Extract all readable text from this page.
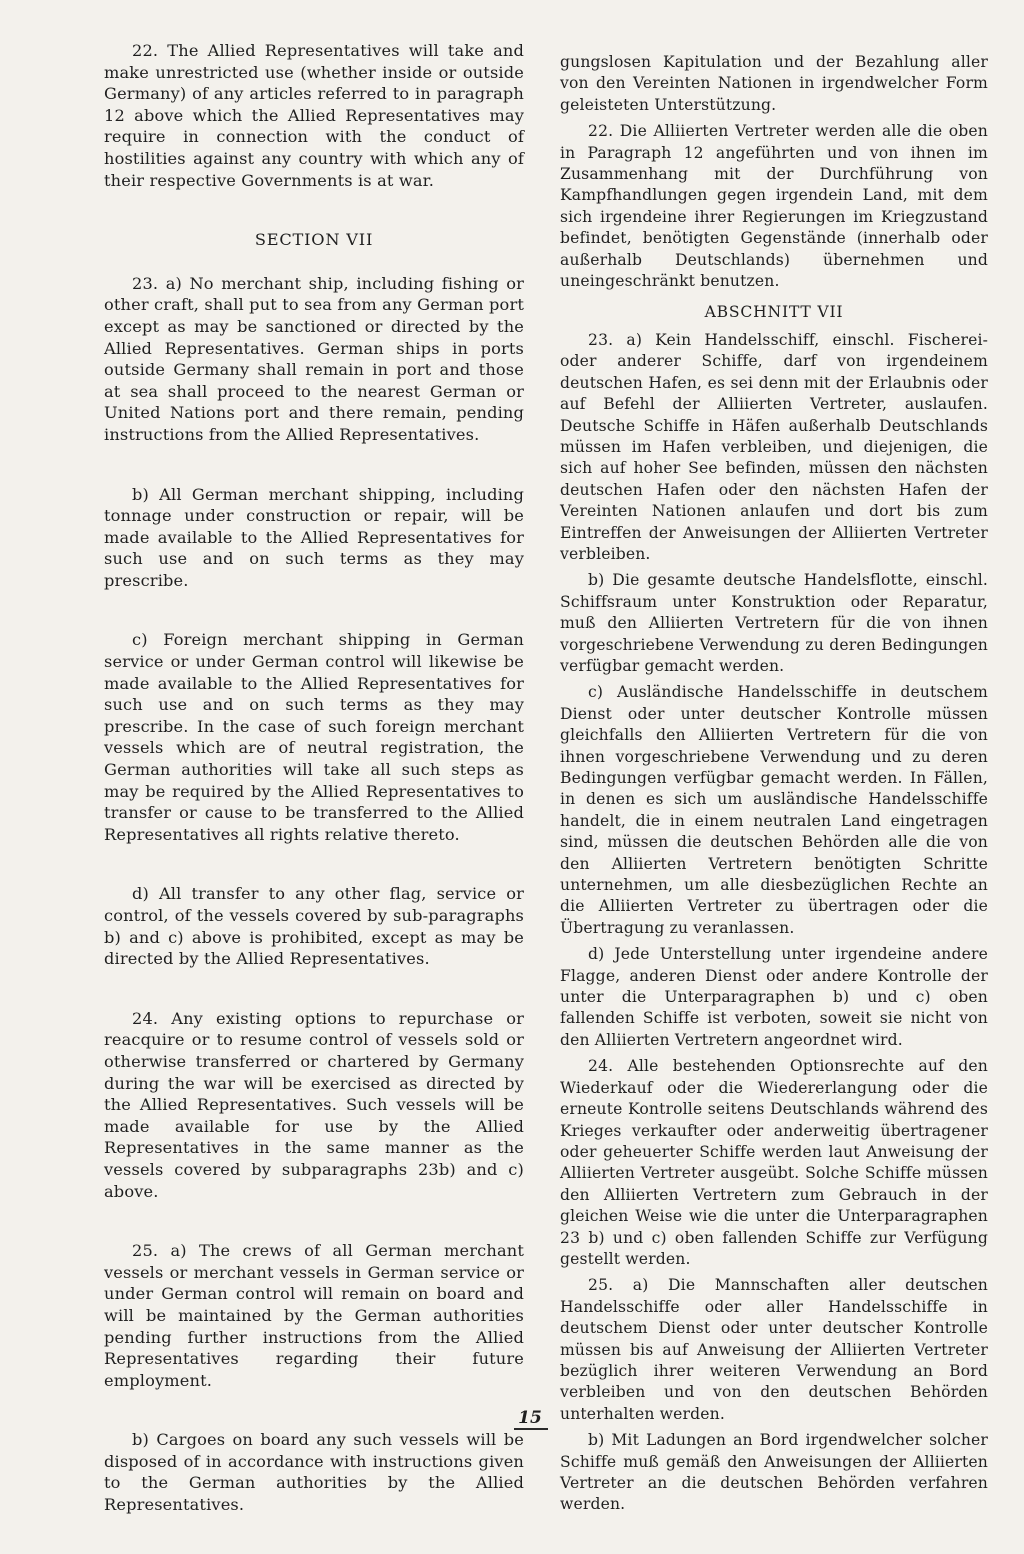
22. The Allied Representatives will take and make unrestricted use (whether inside or outside Germany) of any articles referred to in paragraph 12 above which the Allied Representatives may require in connection with the conduct of hostilities against any country with which any of their respective Governments is at war.

SECTION VII

23. a) No merchant ship, including fishing or other craft, shall put to sea from any German port except as may be sanctioned or directed by the Allied Representatives. German ships in ports outside Germany shall remain in port and those at sea shall proceed to the nearest German or United Nations port and there remain, pending instructions from the Allied Representatives.

b) All German merchant shipping, including tonnage under construction or repair, will be made available to the Allied Representatives for such use and on such terms as they may prescribe.

c) Foreign merchant shipping in German service or under German control will likewise be made available to the Allied Representatives for such use and on such terms as they may prescribe. In the case of such foreign merchant vessels which are of neutral registration, the German authorities will take all such steps as may be required by the Allied Representatives to transfer or cause to be transferred to the Allied Representatives all rights relative thereto.

d) All transfer to any other flag, service or control, of the vessels covered by sub-paragraphs b) and c) above is prohibited, except as may be directed by the Allied Representatives.

24. Any existing options to repurchase or reacquire or to resume control of vessels sold or otherwise transferred or chartered by Germany during the war will be exercised as directed by the Allied Representatives. Such vessels will be made available for use by the Allied Representatives in the same manner as the vessels covered by subparagraphs 23b) and c) above.

25. a) The crews of all German merchant vessels or merchant vessels in German service or under German control will remain on board and will be maintained by the German authorities pending further instructions from the Allied Representatives regarding their future employment.

b) Cargoes on board any such vessels will be disposed of in accordance with instructions given to the German authorities by the Allied Representatives.

gungslosen Kapitulation und der Bezahlung aller von den Vereinten Nationen in irgendwelcher Form geleisteten Unterstützung.

22. Die Alliierten Vertreter werden alle die oben in Paragraph 12 angeführten und von ihnen im Zusammenhang mit der Durchführung von Kampfhandlungen gegen irgendein Land, mit dem sich irgendeine ihrer Regierungen im Kriegzustand befindet, benötigten Gegenstände (innerhalb oder außerhalb Deutschlands) übernehmen und uneingeschränkt benutzen.

ABSCHNITT VII

23. a) Kein Handelsschiff, einschl. Fischerei- oder anderer Schiffe, darf von irgendeinem deutschen Hafen, es sei denn mit der Erlaubnis oder auf Befehl der Alliierten Vertreter, auslaufen. Deutsche Schiffe in Häfen außerhalb Deutschlands müssen im Hafen verbleiben, und diejenigen, die sich auf hoher See befinden, müssen den nächsten deutschen Hafen oder den nächsten Hafen der Vereinten Nationen anlaufen und dort bis zum Eintreffen der Anweisungen der Alliierten Vertreter verbleiben.

b) Die gesamte deutsche Handelsflotte, einschl. Schiffsraum unter Konstruktion oder Reparatur, muß den Alliierten Vertretern für die von ihnen vorgeschriebene Verwendung zu deren Bedingungen verfügbar gemacht werden.

c) Ausländische Handelsschiffe in deutschem Dienst oder unter deutscher Kontrolle müssen gleichfalls den Alliierten Vertretern für die von ihnen vorgeschriebene Verwendung und zu deren Bedingungen verfügbar gemacht werden. In Fällen, in denen es sich um ausländische Handelsschiffe handelt, die in einem neutralen Land eingetragen sind, müssen die deutschen Behörden alle die von den Alliierten Vertretern benötigten Schritte unternehmen, um alle diesbezüglichen Rechte an die Alliierten Vertreter zu übertragen oder die Übertragung zu veranlassen.

d) Jede Unterstellung unter irgendeine andere Flagge, anderen Dienst oder andere Kontrolle der unter die Unterparagraphen b) und c) oben fallenden Schiffe ist verboten, soweit sie nicht von den Alliierten Vertretern angeordnet wird.

24. Alle bestehenden Optionsrechte auf den Wiederkauf oder die Wiedererlangung oder die erneute Kontrolle seitens Deutschlands während des Krieges verkaufter oder anderweitig übertragener oder geheuerter Schiffe werden laut Anweisung der Alliierten Vertreter ausgeübt. Solche Schiffe müssen den Alliierten Vertretern zum Gebrauch in der gleichen Weise wie die unter die Unterparagraphen 23 b) und c) oben fallenden Schiffe zur Verfügung gestellt werden.

25. a) Die Mannschaften aller deutschen Handelsschiffe oder aller Handelsschiffe in deutschem Dienst oder unter deutscher Kontrolle müssen bis auf Anweisung der Alliierten Vertreter bezüglich ihrer weiteren Verwendung an Bord verbleiben und von den deutschen Behörden unterhalten werden.

b) Mit Ladungen an Bord irgendwelcher solcher Schiffe muß gemäß den Anweisungen der Alliierten Vertreter an die deutschen Behörden verfahren werden.

15
